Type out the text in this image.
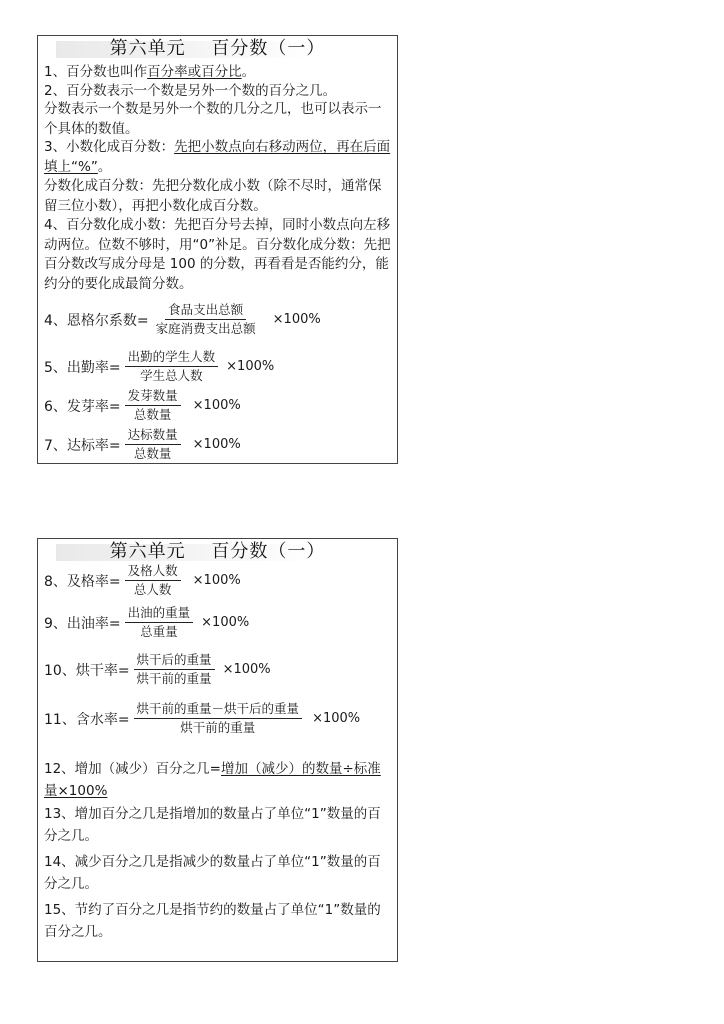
第六单元　 百分数（一）
1、百分数也叫作百分率或百分比。
2、百分数表示一个数是另外一个数的百分之几。
分数表示一个数是另外一个数的几分之几，也可以表示一个具体的数值。
3、小数化成百分数：先把小数点向右移动两位，再在后面填上“%”。
分数化成百分数：先把分数化成小数（除不尽时，通常保留三位小数），再把小数化成百分数。
4、百分数化成小数：先把百分号去掉，同时小数点向左移动两位。位数不够时，用“0”补足。百分数化成分数：先把百分数改写成分母是 100 的分数，再看看是否能约分，能约分的要化成最简分数。
4、恩格尔系数= $\frac{\text{食品支出总额}}{\text{家庭消费支出总额}} \times 100\%$
5、出勤率= $\frac{\text{出勤的学生人数}}{\text{学生总人数}} \times 100\%$
6、发芽率= $\frac{\text{发芽数量}}{\text{总数量}} \times 100\%$
7、达标率= $\frac{\text{达标数量}}{\text{总数量}} \times 100\%$
第六单元　 百分数（一）
8、及格率= $\frac{\text{及格人数}}{\text{总人数}} \times 100\%$
9、出油率= $\frac{\text{出油的重量}}{\text{总重量}} \times 100\%$
10、烘干率= $\frac{\text{烘干后的重量}}{\text{烘干前的重量}} \times 100\%$
11、含水率= $\frac{\text{烘干前的重量－烘干后的重量}}{\text{烘干前的重量}} \times 100\%$
12、增加（减少）百分之几=增加（减少）的数量÷标准量×100%
13、增加百分之几是指增加的数量占了单位“1”数量的百分之几。
14、减少百分之几是指减少的数量占了单位“1”数量的百分之几。
15、节约了百分之几是指节约的数量占了单位“1”数量的百分之几。
